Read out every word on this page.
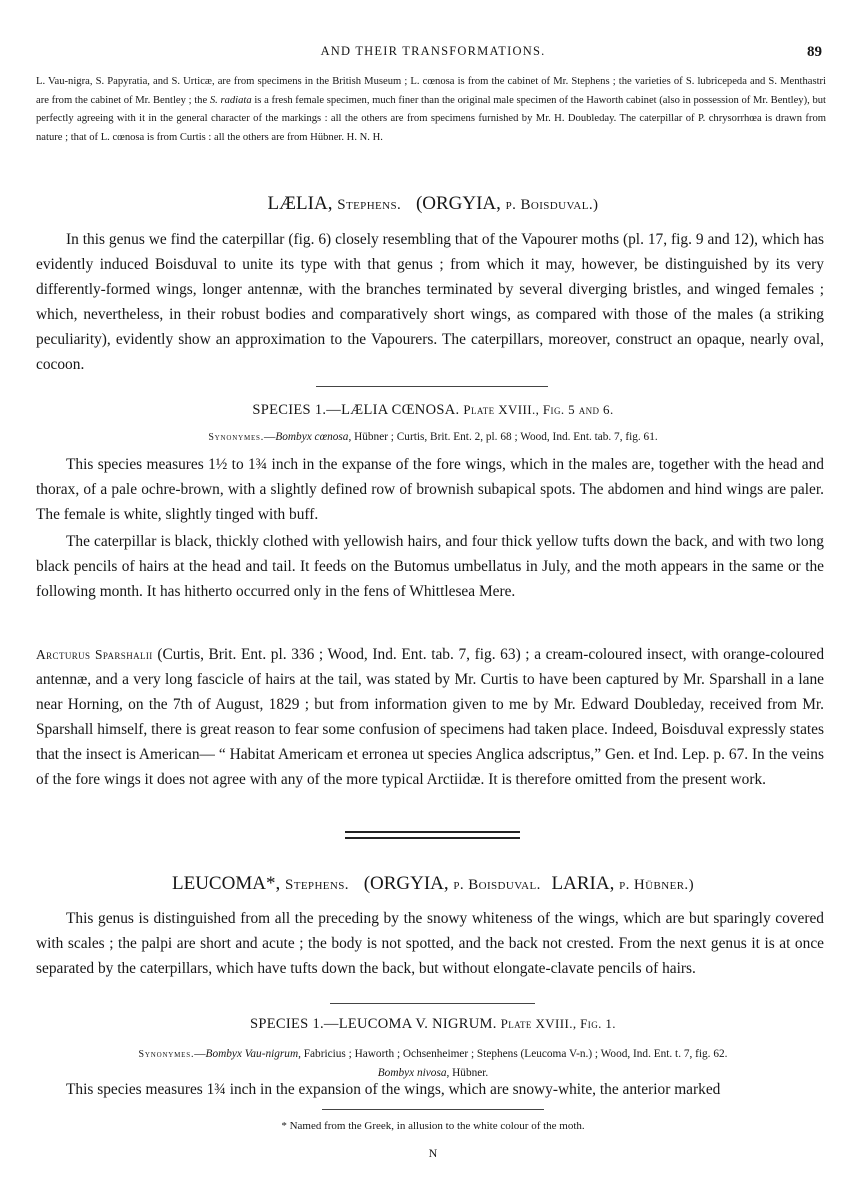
AND THEIR TRANSFORMATIONS.	89
L. Vau-nigra, S. Papyratia, and S. Urticæ, are from specimens in the British Museum ; L. cœnosa is from the cabinet of Mr. Stephens ; the varieties of S. lubricepeda and S. Menthastri are from the cabinet of Mr. Bentley ; the S. radiata is a fresh female specimen, much finer than the original male specimen of the Haworth cabinet (also in possession of Mr. Bentley), but perfectly agreeing with it in the general character of the markings : all the others are from specimens furnished by Mr. H. Doubleday. The caterpillar of P. chrysorrhœa is drawn from nature ; that of L. cœnosa is from Curtis : all the others are from Hübner. H. N. H.
LÆLIA, Stephens. (ORGYIA, p. Boisduval.)
In this genus we find the caterpillar (fig. 6) closely resembling that of the Vapourer moths (pl. 17, fig. 9 and 12), which has evidently induced Boisduval to unite its type with that genus ; from which it may, however, be distinguished by its very differently-formed wings, longer antennæ, with the branches terminated by several diverging bristles, and winged females ; which, nevertheless, in their robust bodies and comparatively short wings, as compared with those of the males (a striking peculiarity), evidently show an approximation to the Vapourers. The caterpillars, moreover, construct an opaque, nearly oval, cocoon.
SPECIES 1.—LÆLIA CŒNOSA. Plate XVIII., Fig. 5 and 6.
Synonymes.—Bombyx cœnosa, Hübner ; Curtis, Brit. Ent. 2, pl. 68 ; Wood, Ind. Ent. tab. 7, fig. 61.
This species measures 1½ to 1¾ inch in the expanse of the fore wings, which in the males are, together with the head and thorax, of a pale ochre-brown, with a slightly defined row of brownish subapical spots. The abdomen and hind wings are paler. The female is white, slightly tinged with buff.
The caterpillar is black, thickly clothed with yellowish hairs, and four thick yellow tufts down the back, and with two long black pencils of hairs at the head and tail. It feeds on the Butomus umbellatus in July, and the moth appears in the same or the following month. It has hitherto occurred only in the fens of Whittlesea Mere.
Arcturus Sparshalii (Curtis, Brit. Ent. pl. 336 ; Wood, Ind. Ent. tab. 7, fig. 63) ; a cream-coloured insect, with orange-coloured antennæ, and a very long fascicle of hairs at the tail, was stated by Mr. Curtis to have been captured by Mr. Sparshall in a lane near Horning, on the 7th of August, 1829 ; but from information given to me by Mr. Edward Doubleday, received from Mr. Sparshall himself, there is great reason to fear some confusion of specimens had taken place. Indeed, Boisduval expressly states that the insect is American— “ Habitat Americam et erronea ut species Anglica adscriptus,” Gen. et Ind. Lep. p. 67. In the veins of the fore wings it does not agree with any of the more typical Arctiidæ. It is therefore omitted from the present work.
LEUCOMA*, Stephens. (ORGYIA, p. Boisduval. LARIA, p. Hübner.)
This genus is distinguished from all the preceding by the snowy whiteness of the wings, which are but sparingly covered with scales ; the palpi are short and acute ; the body is not spotted, and the back not crested. From the next genus it is at once separated by the caterpillars, which have tufts down the back, but without elongate-clavate pencils of hairs.
SPECIES 1.—LEUCOMA V. NIGRUM. Plate XVIII., Fig. 1.
Synonymes.—Bombyx Vau-nigrum, Fabricius ; Haworth ; Ochsenheimer ; Stephens (Leucoma V-n.) ; Wood, Ind. Ent. t. 7, fig. 62.
Bombyx nivosa, Hübner.
This species measures 1¾ inch in the expansion of the wings, which are snowy-white, the anterior marked
* Named from the Greek, in allusion to the white colour of the moth.
N
